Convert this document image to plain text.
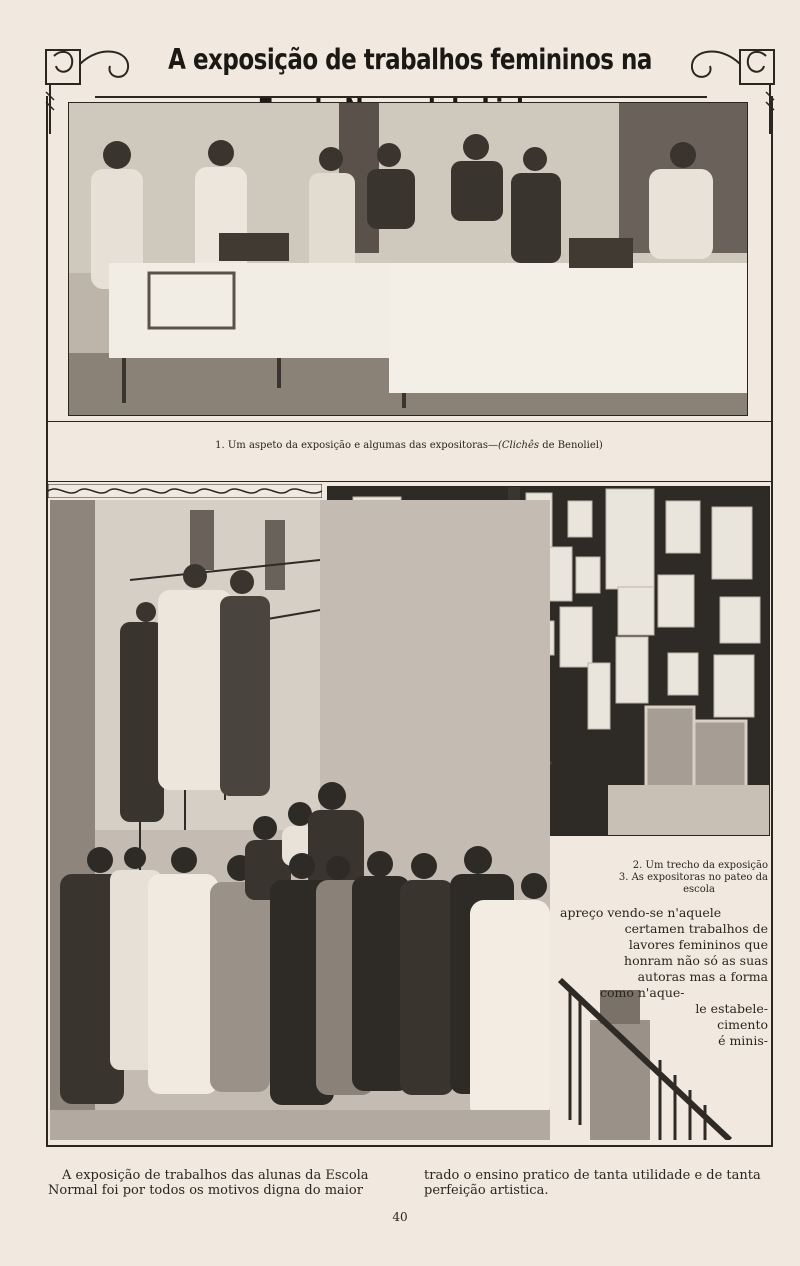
A exposição de trabalhos femininos na
1. Um aspeto da exposição e algumas das expositoras—(Clichês de Benoliel)
2. Um trecho da exposição
3. As expositoras no pateo da
escola
apreço vendo-se n'aquele
certamen trabalhos de
lavores femininos que
honram não só as suas
autoras mas a forma
como n'aque-
le estabele-
cimento
é minis-
A exposição de trabalhos das alunas da Escola
Normal foi por todos os motivos digna do maior
trado o ensino pratico de tanta utilidade e de tanta
perfeição artistica.
40
